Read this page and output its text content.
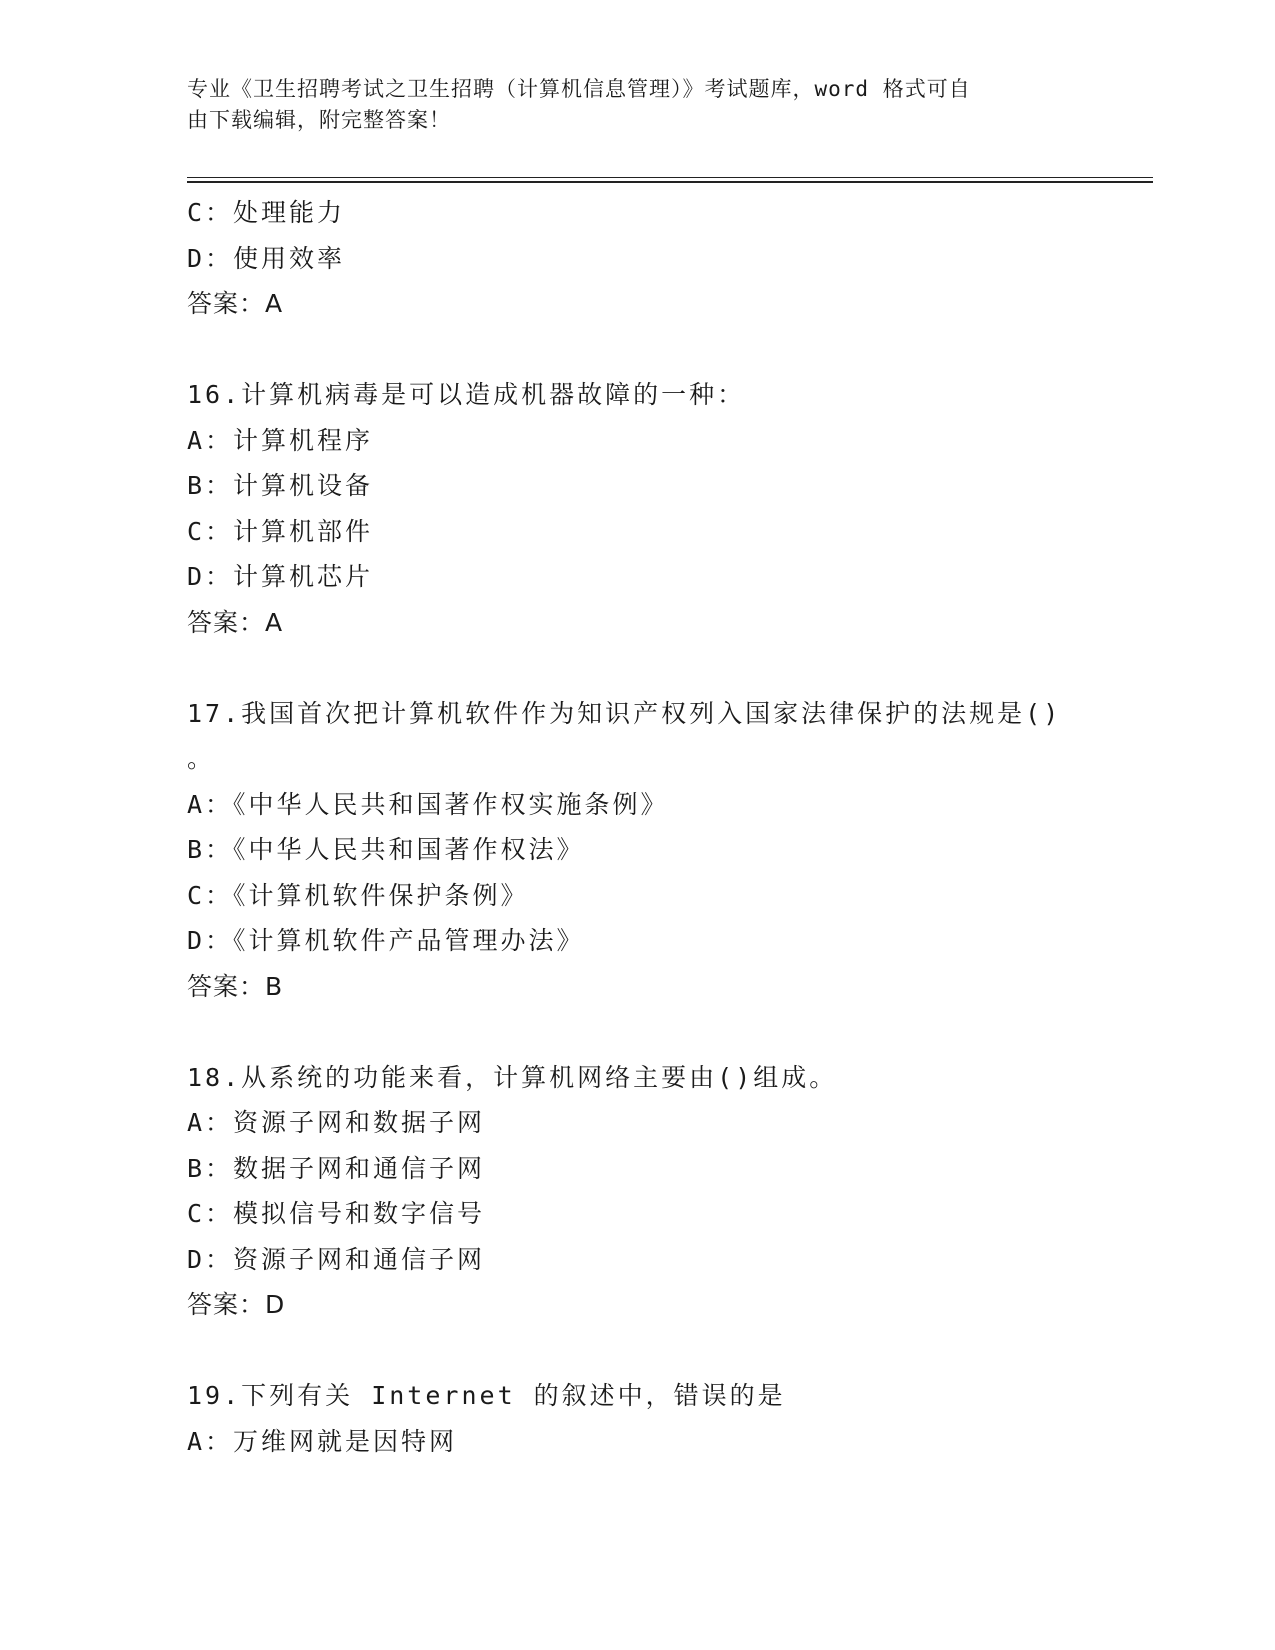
专业《卫生招聘考试之卫生招聘（计算机信息管理）》考试题库，word 格式可自
由下载编辑，附完整答案！
C：处理能力
D：使用效率
答案：A
16.计算机病毒是可以造成机器故障的一种：
A：计算机程序
B：计算机设备
C：计算机部件
D：计算机芯片
答案：A
17.我国首次把计算机软件作为知识产权列入国家法律保护的法规是()
。
A：《中华人民共和国著作权实施条例》
B：《中华人民共和国著作权法》
C：《计算机软件保护条例》
D：《计算机软件产品管理办法》
答案：B
18.从系统的功能来看，计算机网络主要由()组成。
A：资源子网和数据子网
B：数据子网和通信子网
C：模拟信号和数字信号
D：资源子网和通信子网
答案：D
19.下列有关 Internet 的叙述中，错误的是
A：万维网就是因特网
